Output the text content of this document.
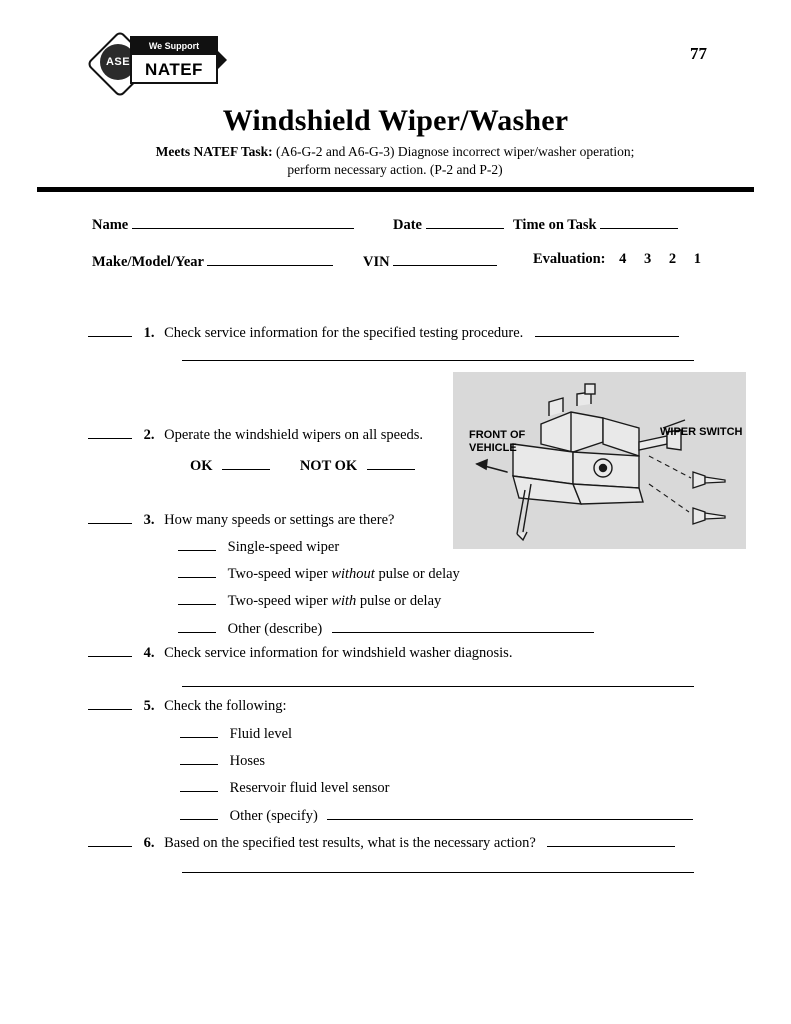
ASE
We Support
NATEF
77
Windshield Wiper/Washer
Meets NATEF Task: (A6-G-2 and A6-G-3) Diagnose incorrect wiper/washer operation;
perform necessary action. (P-2 and P-2)
Name	Date	Time on Task
Make/Model/Year	VIN	Evaluation: 4 3 2 1
1. Check service information for the specified testing procedure.
FRONT OF
VEHICLE
WIPER SWITCH
2. Operate the windshield wipers on all speeds.
OK	NOT OK
3. How many speeds or settings are there?
Single-speed wiper
Two-speed wiper without pulse or delay
Two-speed wiper with pulse or delay
Other (describe)
4. Check service information for windshield washer diagnosis.
5. Check the following:
Fluid level
Hoses
Reservoir fluid level sensor
Other (specify)
6. Based on the specified test results, what is the necessary action?
